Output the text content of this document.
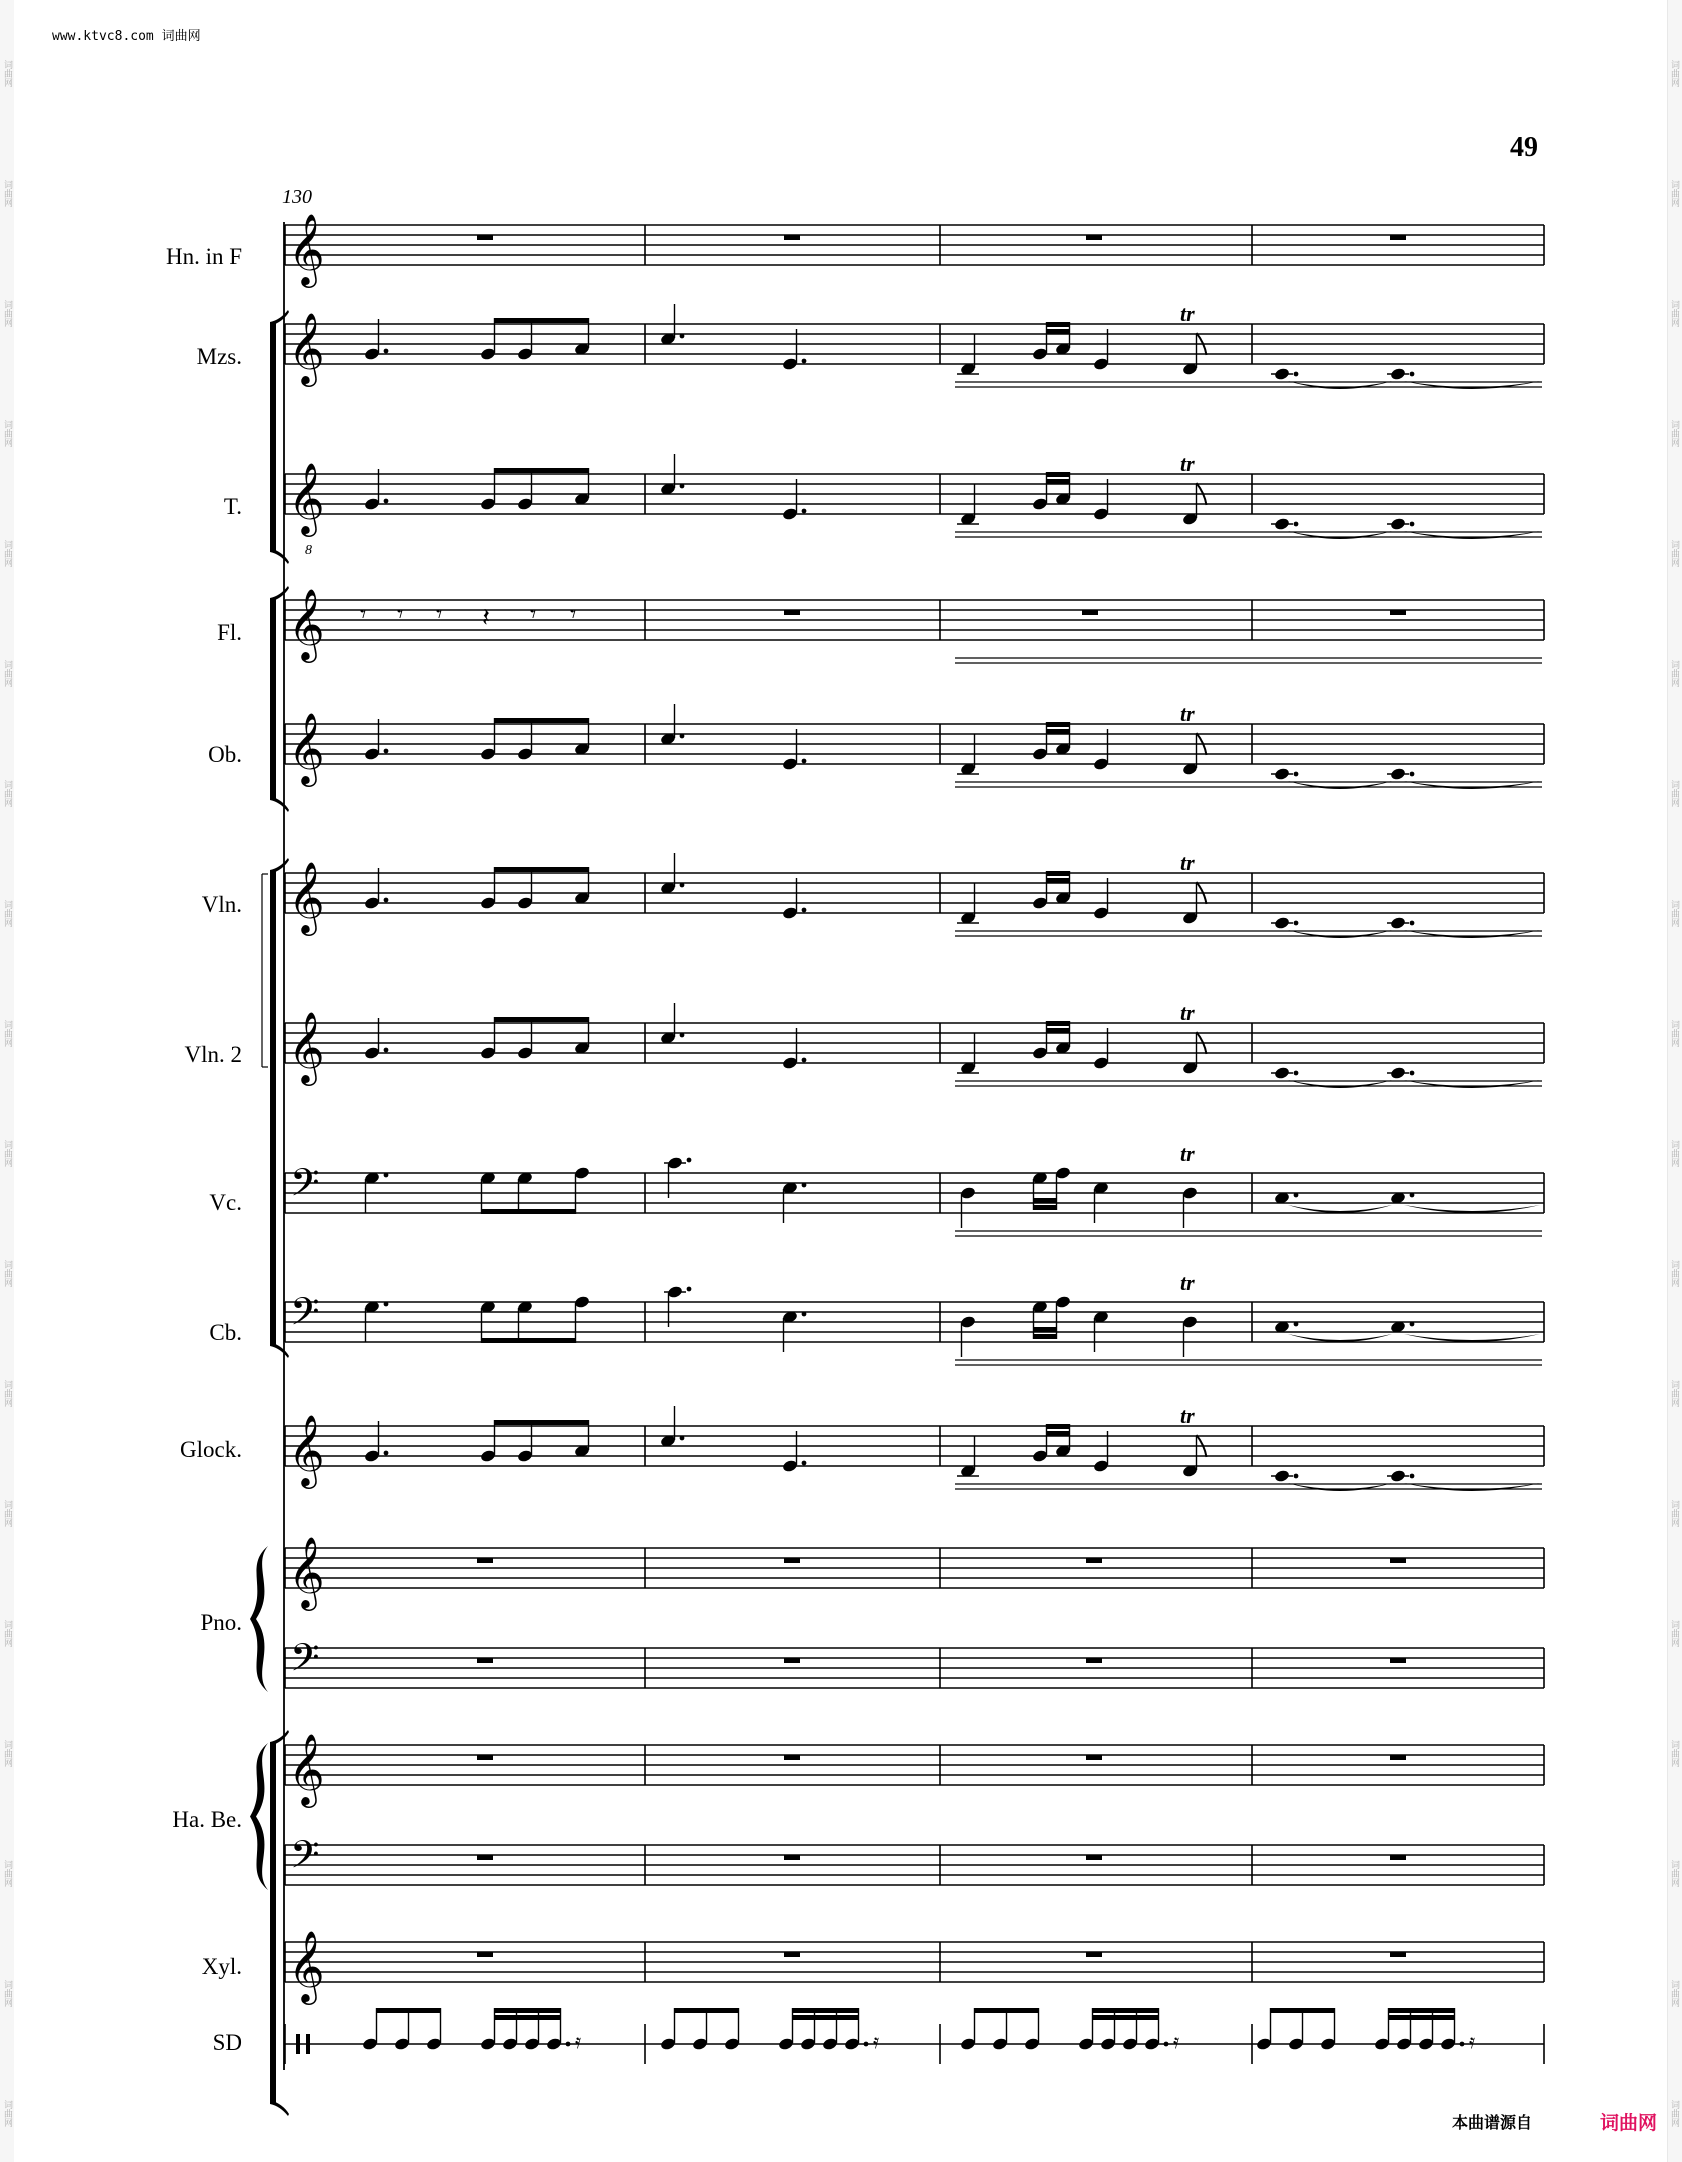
词曲网
词曲网
词曲网
词曲网
词曲网
词曲网
词曲网
词曲网
词曲网
词曲网
词曲网
词曲网
词曲网
词曲网
词曲网
词曲网
词曲网
词曲网
词曲网
词曲网
词曲网
词曲网
词曲网
词曲网
词曲网
词曲网
词曲网
词曲网
词曲网
词曲网
词曲网
词曲网
词曲网
词曲网
词曲网
词曲网
www.ktvc8.com 词曲网
49
130
Hn. in F
Mzs.
T.
Fl.
Ob.
Vln.
Vln. 2
Vc.
Cb.
Glock.
Pno.
Ha. Be.
Xyl.
SD
𝄞
𝄞	tr
𝄞
8
tr
𝄞 𝄾 𝄾 𝄾	𝄾 𝄾
𝄽
𝄞	tr
𝄞	tr
𝄞	tr
𝄢
tr
𝄢
tr
𝄞	tr
𝄞
𝄢
𝄞
𝄢
𝄞
𝄿	𝄿	𝄿	𝄿
本曲谱源自	词曲网
